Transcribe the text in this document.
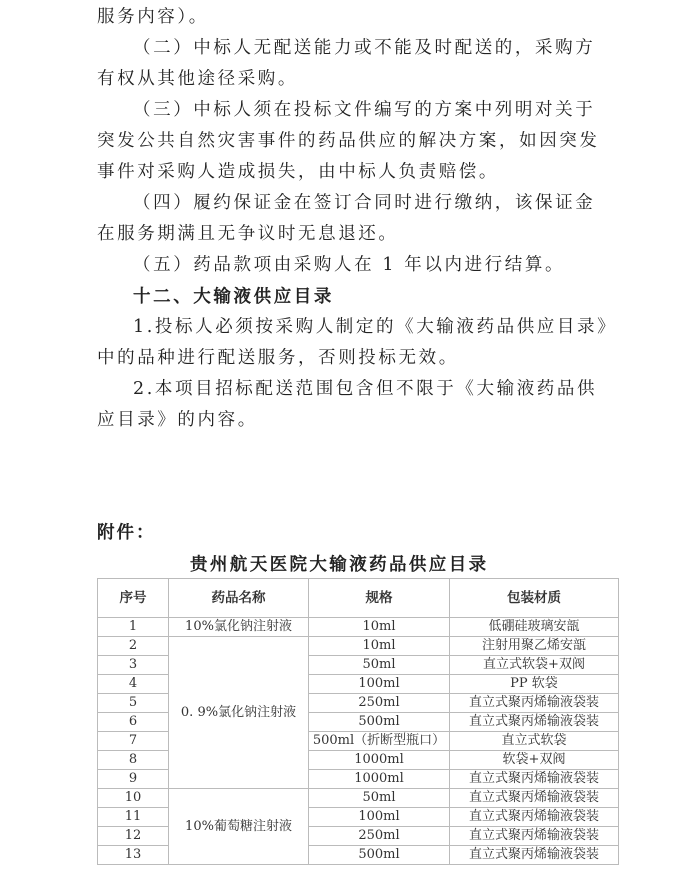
服务内容）。

（二）中标人无配送能力或不能及时配送的，采购方有权从其他途径采购。

（三）中标人须在投标文件编写的方案中列明对关于突发公共自然灾害事件的药品供应的解决方案，如因突发事件对采购人造成损失，由中标人负责赔偿。

（四）履约保证金在签订合同时进行缴纳，该保证金在服务期满且无争议时无息退还。

（五）药品款项由采购人在 1 年以内进行结算。

十二、大输液供应目录

1.投标人必须按采购人制定的《大输液药品供应目录》中的品种进行配送服务，否则投标无效。

2.本项目招标配送范围包含但不限于《大输液药品供应目录》的内容。

附件：
贵州航天医院大输液药品供应目录
序号	药品名称	规格	包装材质
1	10%氯化钠注射液	10ml	低硼硅玻璃安瓿
2	0. 9%氯化钠注射液	10ml	注射用聚乙烯安瓿
3		50ml	直立式软袋+双阀
4		100ml	PP 软袋
5		250ml	直立式聚丙烯输液袋装
6		500ml	直立式聚丙烯输液袋装
7		500ml（折断型瓶口）	直立式软袋
8		1000ml	软袋+双阀
9		1000ml	直立式聚丙烯输液袋装
10	10%葡萄糖注射液	50ml	直立式聚丙烯输液袋装
11		100ml	直立式聚丙烯输液袋装
12		250ml	直立式聚丙烯输液袋装
13		500ml	直立式聚丙烯输液袋装
